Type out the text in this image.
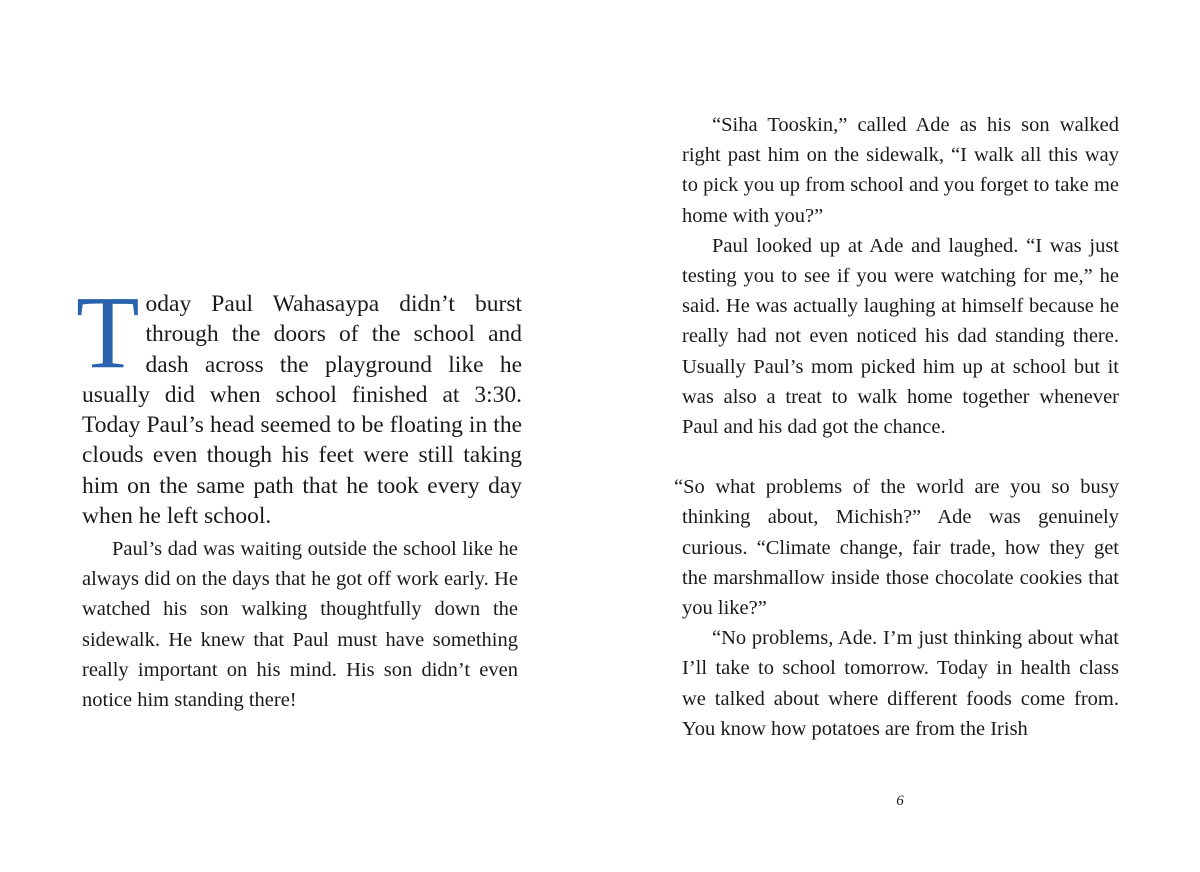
Today Paul Wahasaypa didn’t burst through the doors of the school and dash across the playground like he usually did when school finished at 3:30. Today Paul’s head seemed to be floating in the clouds even though his feet were still taking him on the same path that he took every day when he left school.

Paul’s dad was waiting outside the school like he always did on the days that he got off work early. He watched his son walking thoughtfully down the sidewalk. He knew that Paul must have something really important on his mind. His son didn’t even notice him standing there!

“Siha Tooskin,” called Ade as his son walked right past him on the sidewalk, “I walk all this way to pick you up from school and you forget to take me home with you?”

Paul looked up at Ade and laughed. “I was just testing you to see if you were watching for me,” he said. He was actually laughing at himself because he really had not even noticed his dad standing there. Usually Paul’s mom picked him up at school but it was also a treat to walk home together whenever Paul and his dad got the chance.

“So what problems of the world are you so busy thinking about, Michish?” Ade was genuinely curious. “Climate change, fair trade, how they get the marshmallow inside those chocolate cookies that you like?”

“No problems, Ade. I’m just thinking about what I’ll take to school tomorrow. Today in health class we talked about where different foods come from. You know how potatoes are from the Irish

6
